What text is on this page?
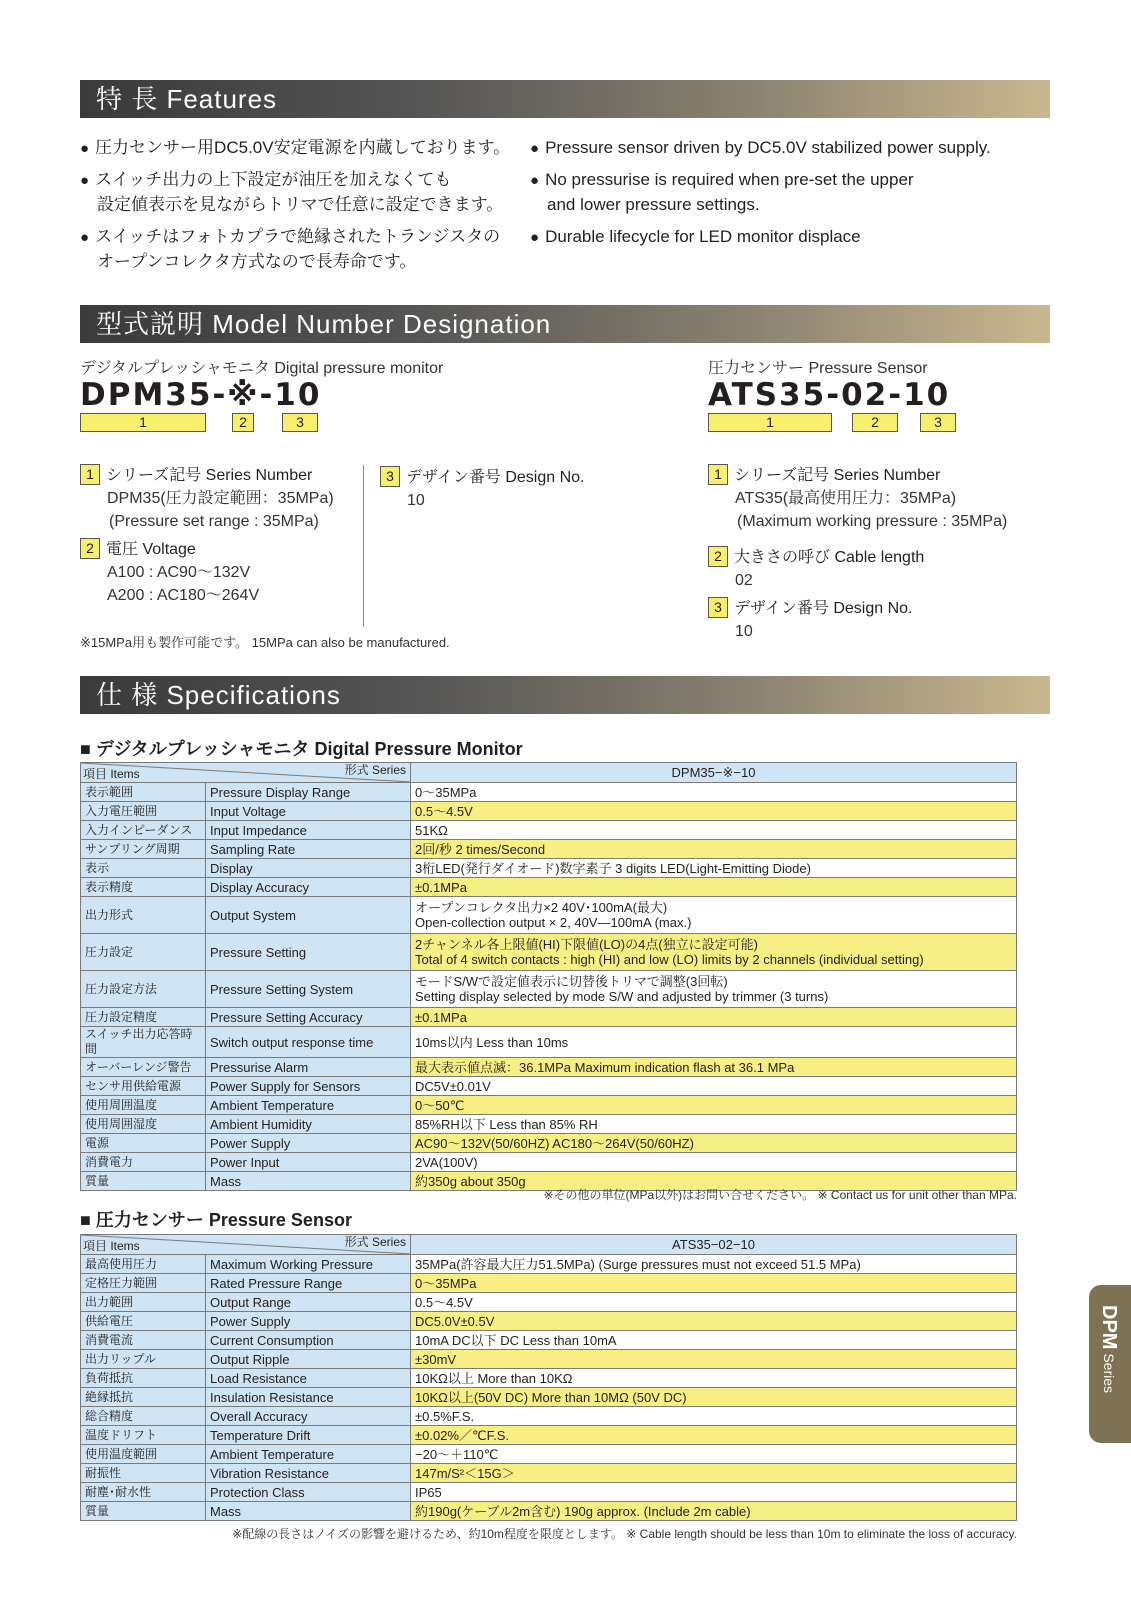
特 長 Features
● 圧力センサー用DC5.0V安定電源を内蔵しております。
● スイッチ出力の上下設定が油圧を加えなくても
設定値表示を見ながらトリマで任意に設定できます。
● スイッチはフォトカプラで絶縁されたトランジスタの
オープンコレクタ方式なので長寿命です。
● Pressure sensor driven by DC5.0V stabilized power supply.
● No pressurise is required when pre-set the upper
and lower pressure settings.
● Durable lifecycle for LED monitor displace
型式説明 Model Number Designation
デジタルプレッシャモニタ Digital pressure monitor
DPM35-※-10
1	2	3
1 シリーズ記号 Series Number
DPM35(圧力設定範囲：35MPa)
(Pressure set range : 35MPa)
2 電圧 Voltage
A100 : AC90〜132V
A200 : AC180〜264V
3 デザイン番号 Design No.
10
※15MPa用も製作可能です。 15MPa can also be manufactured.
圧力センサー Pressure Sensor
ATS35-02-10
1	2	3
1 シリーズ記号 Series Number
ATS35(最高使用圧力：35MPa)
(Maximum working pressure : 35MPa)
2 大きさの呼び Cable length
02
3 デザイン番号 Design No.
10
仕 様 Specifications
■ デジタルプレッシャモニタ Digital Pressure Monitor
項目 Items 形式 Series		DPM35−※−10
表示範囲	Pressure Display Range	0〜35MPa
入力電圧範囲	Input Voltage	0.5〜4.5V
入力インピーダンス	Input Impedance	51KΩ
サンプリング周期	Sampling Rate	2回/秒 2 times/Second
表示	Display	3桁LED(発行ダイオード)数字素子 3 digits LED(Light-Emitting Diode)
表示精度	Display Accuracy	±0.1MPa
出力形式	Output System	オープンコレクタ出力×2 40V･100mA(最大)
Open-collection output × 2, 40V—100mA (max.)
圧力設定	Pressure Setting	2チャンネル各上限値(HI)下限値(LO)の4点(独立に設定可能)
Total of 4 switch contacts : high (HI) and low (LO) limits by 2 channels (individual setting)
圧力設定方法	Pressure Setting System	モードS/Wで設定値表示に切替後トリマで調整(3回転)
Setting display selected by mode S/W and adjusted by trimmer (3 turns)
圧力設定精度	Pressure Setting Accuracy	±0.1MPa
スイッチ出力応答時間	Switch output response time	10ms以内 Less than 10ms
オーバーレンジ警告	Pressurise Alarm	最大表示値点滅：36.1MPa Maximum indication flash at 36.1 MPa
センサ用供給電源	Power Supply for Sensors	DC5V±0.01V
使用周囲温度	Ambient Temperature	0〜50℃
使用周囲湿度	Ambient Humidity	85%RH以下 Less than 85% RH
電源	Power Supply	AC90〜132V(50/60HZ) AC180〜264V(50/60HZ)
消費電力	Power Input	2VA(100V)
質量	Mass	約350g about 350g
※その他の単位(MPa以外)はお問い合せください。 ※ Contact us for unit other than MPa.
■ 圧力センサー Pressure Sensor
項目 Items 形式 Series		ATS35−02−10
最高使用圧力	Maximum Working Pressure	35MPa(許容最大圧力51.5MPa) (Surge pressures must not exceed 51.5 MPa)
定格圧力範囲	Rated Pressure Range	0〜35MPa
出力範囲	Output Range	0.5〜4.5V
供給電圧	Power Supply	DC5.0V±0.5V
消費電流	Current Consumption	10mA DC以下 DC Less than 10mA
出力リップル	Output Ripple	±30mV
負荷抵抗	Load Resistance	10KΩ以上 More than 10KΩ
絶縁抵抗	Insulation Resistance	10KΩ以上(50V DC) More than 10MΩ (50V DC)
総合精度	Overall Accuracy	±0.5%F.S.
温度ドリフト	Temperature Drift	±0.02%／℃F.S.
使用温度範囲	Ambient Temperature	−20〜＋110℃
耐振性	Vibration Resistance	147m/S²＜15G＞
耐塵･耐水性	Protection Class	IP65
質量	Mass	約190g(ケーブル2m含む) 190g approx. (Include 2m cable)
※配線の長さはノイズの影響を避けるため、約10m程度を限度とします。 ※ Cable length should be less than 10m to eliminate the loss of accuracy.
DPM Series
